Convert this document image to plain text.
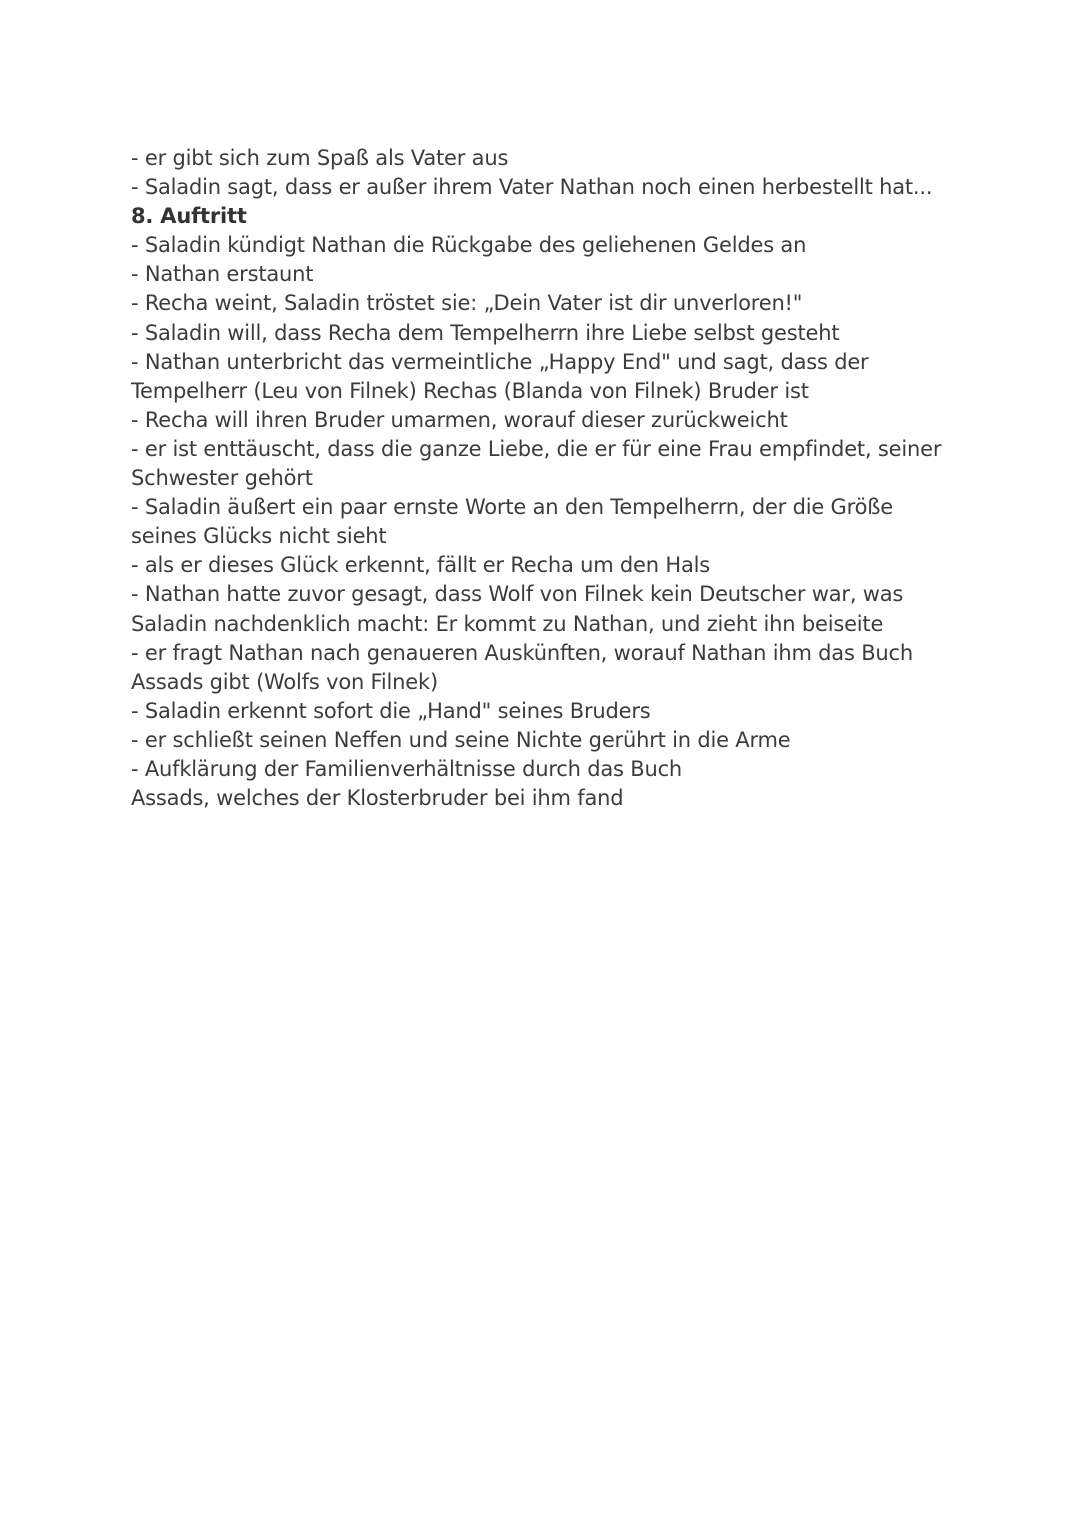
- er gibt sich zum Spaß als Vater aus
- Saladin sagt, dass er außer ihrem Vater Nathan noch einen herbestellt hat...
8. Auftritt
- Saladin kündigt Nathan die Rückgabe des geliehenen Geldes an
- Nathan erstaunt
- Recha weint, Saladin tröstet sie: „Dein Vater ist dir unverloren!"
- Saladin will, dass Recha dem Tempelherrn ihre Liebe selbst gesteht
- Nathan unterbricht das vermeintliche „Happy End" und sagt, dass der
Tempelherr (Leu von Filnek) Rechas (Blanda von Filnek) Bruder ist
- Recha will ihren Bruder umarmen, worauf dieser zurückweicht
- er ist enttäuscht, dass die ganze Liebe, die er für eine Frau empfindet, seiner
Schwester gehört
- Saladin äußert ein paar ernste Worte an den Tempelherrn, der die Größe
seines Glücks nicht sieht
- als er dieses Glück erkennt, fällt er Recha um den Hals
- Nathan hatte zuvor gesagt, dass Wolf von Filnek kein Deutscher war, was
Saladin nachdenklich macht: Er kommt zu Nathan, und zieht ihn beiseite
- er fragt Nathan nach genaueren Auskünften, worauf Nathan ihm das Buch
Assads gibt (Wolfs von Filnek)
- Saladin erkennt sofort die „Hand" seines Bruders
- er schließt seinen Neffen und seine Nichte gerührt in die Arme
- Aufklärung der Familienverhältnisse durch das Buch
Assads, welches der Klosterbruder bei ihm fand
